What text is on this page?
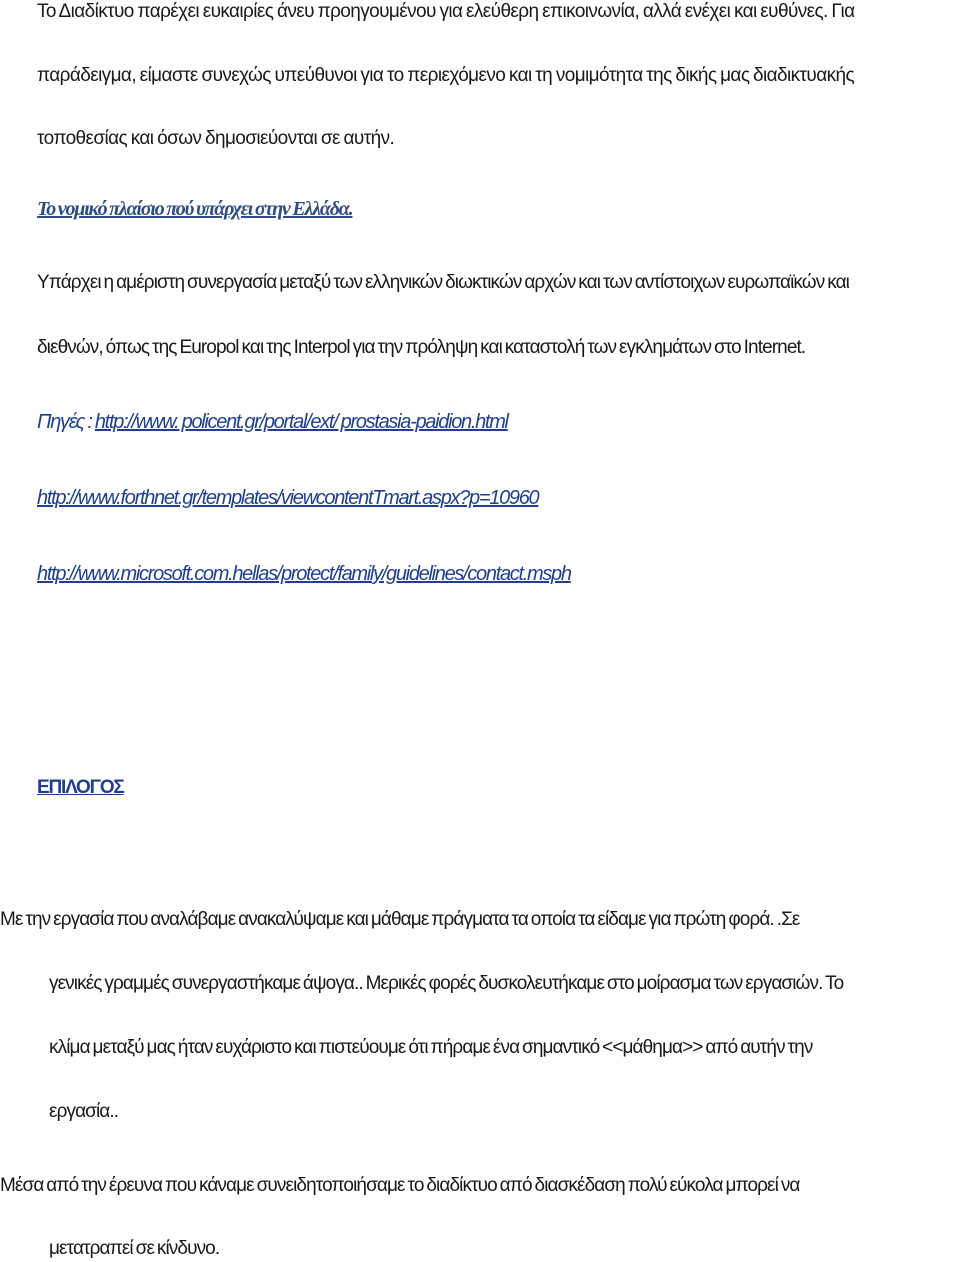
Το Διαδίκτυο παρέχει ευκαιρίες άνευ προηγουμένου για ελεύθερη επικοινωνία, αλλά ενέχει και ευθύνες. Για
παράδειγμα, είμαστε συνεχώς υπεύθυνοι για το περιεχόμενο και τη νομιμότητα της δικής μας διαδικτυακής
τοποθεσίας και όσων δημοσιεύονται σε αυτήν.
Το νομικό πλαίσιο πού υπάρχει στην Ελλάδα.
Υπάρχει η αμέριστη συνεργασία μεταξύ των ελληνικών διωκτικών αρχών και των αντίστοιχων ευρωπαϊκών και
διεθνών, όπως της Europol και της Interpol για την πρόληψη και καταστολή των εγκλημάτων στο Internet.
Πηγές : http://www. policent.gr/portal/ext/ prostasia-paidion.html
http://www.forthnet.gr/templates/viewcontentTmart.aspx?p=10960
http://www.microsoft.com.hellas/protect/family/guidelines/contact.msph
ΕΠΙΛΟΓΟΣ
Με την εργασία που αναλάβαμε ανακαλύψαμε και μάθαμε πράγματα τα οποία τα είδαμε για πρώτη φορά. .Σε
γενικές γραμμές συνεργαστήκαμε άψογα.. Μερικές φορές δυσκολευτήκαμε στο μοίρασμα των εργασιών. Το
κλίμα μεταξύ μας ήταν ευχάριστο και πιστεύουμε ότι πήραμε ένα σημαντικό <<μάθημα>> από αυτήν την
εργασία..
Μέσα από την έρευνα που κάναμε συνειδητοποιήσαμε το διαδίκτυο από διασκέδαση πολύ εύκολα μπορεί να
μετατραπεί σε κίνδυνο.
